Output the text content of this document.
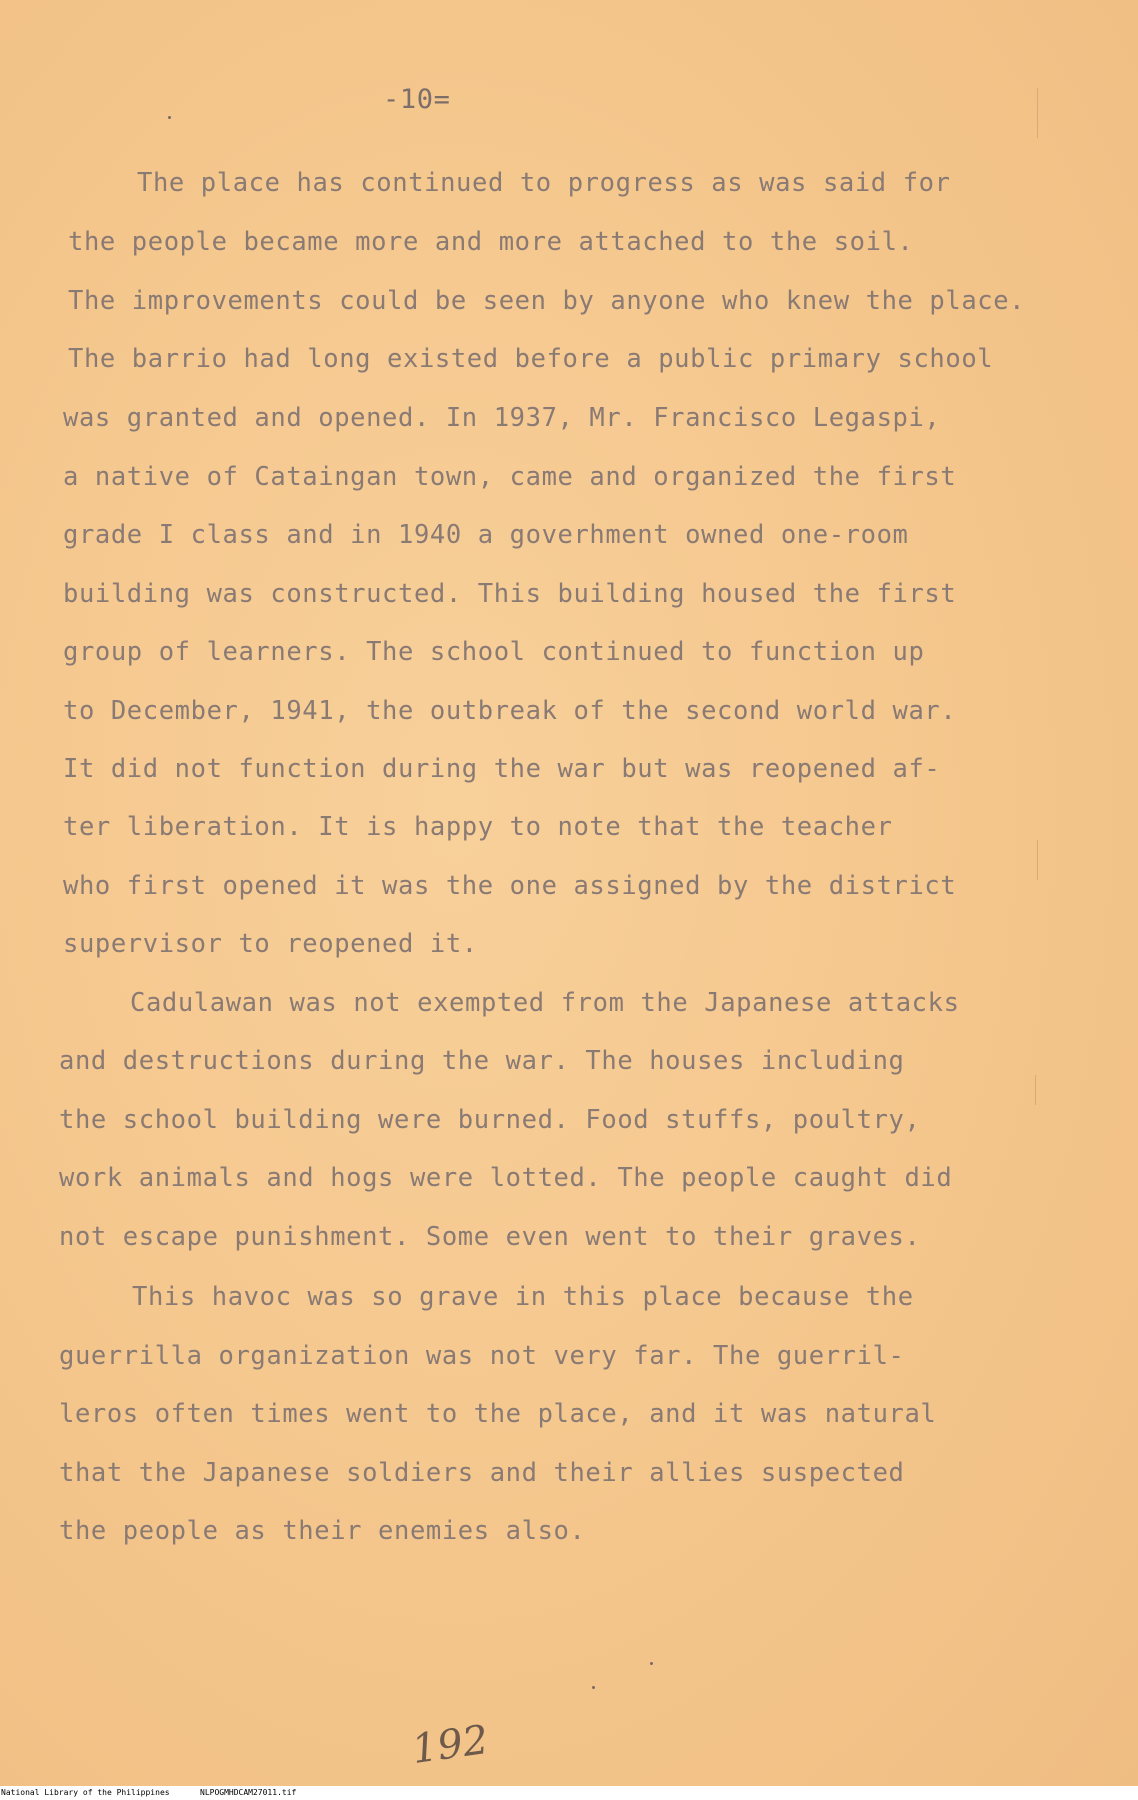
-10=
The place has continued to progress as was said for
the people became more and more attached to the soil.
The improvements could be seen by anyone who knew the place.
The barrio had long existed before a public primary school
was granted and opened. In 1937, Mr. Francisco Legaspi,
a native of Cataingan town, came and organized the first
grade I class and in 1940 a goverhment owned one-room
building was constructed. This building housed the first
group of learners. The school continued to function up
to December, 1941, the outbreak of the second world war.
It did not function during the war but was reopened af-
ter liberation. It is happy to note that the teacher
who first opened it was the one assigned by the district
supervisor to reopened it.
Cadulawan was not exempted from the Japanese attacks
and destructions during the war. The houses including
the school building were burned. Food stuffs, poultry,
work animals and hogs were lotted. The people caught did
not escape punishment. Some even went to their graves.
This havoc was so grave in this place because the
guerrilla organization was not very far. The guerril-
leros often times went to the place, and it was natural
that the Japanese soldiers and their allies suspected
the people as their enemies also.
192
National Library of the Philippines	NLPOGMHDCAM27011.tif
